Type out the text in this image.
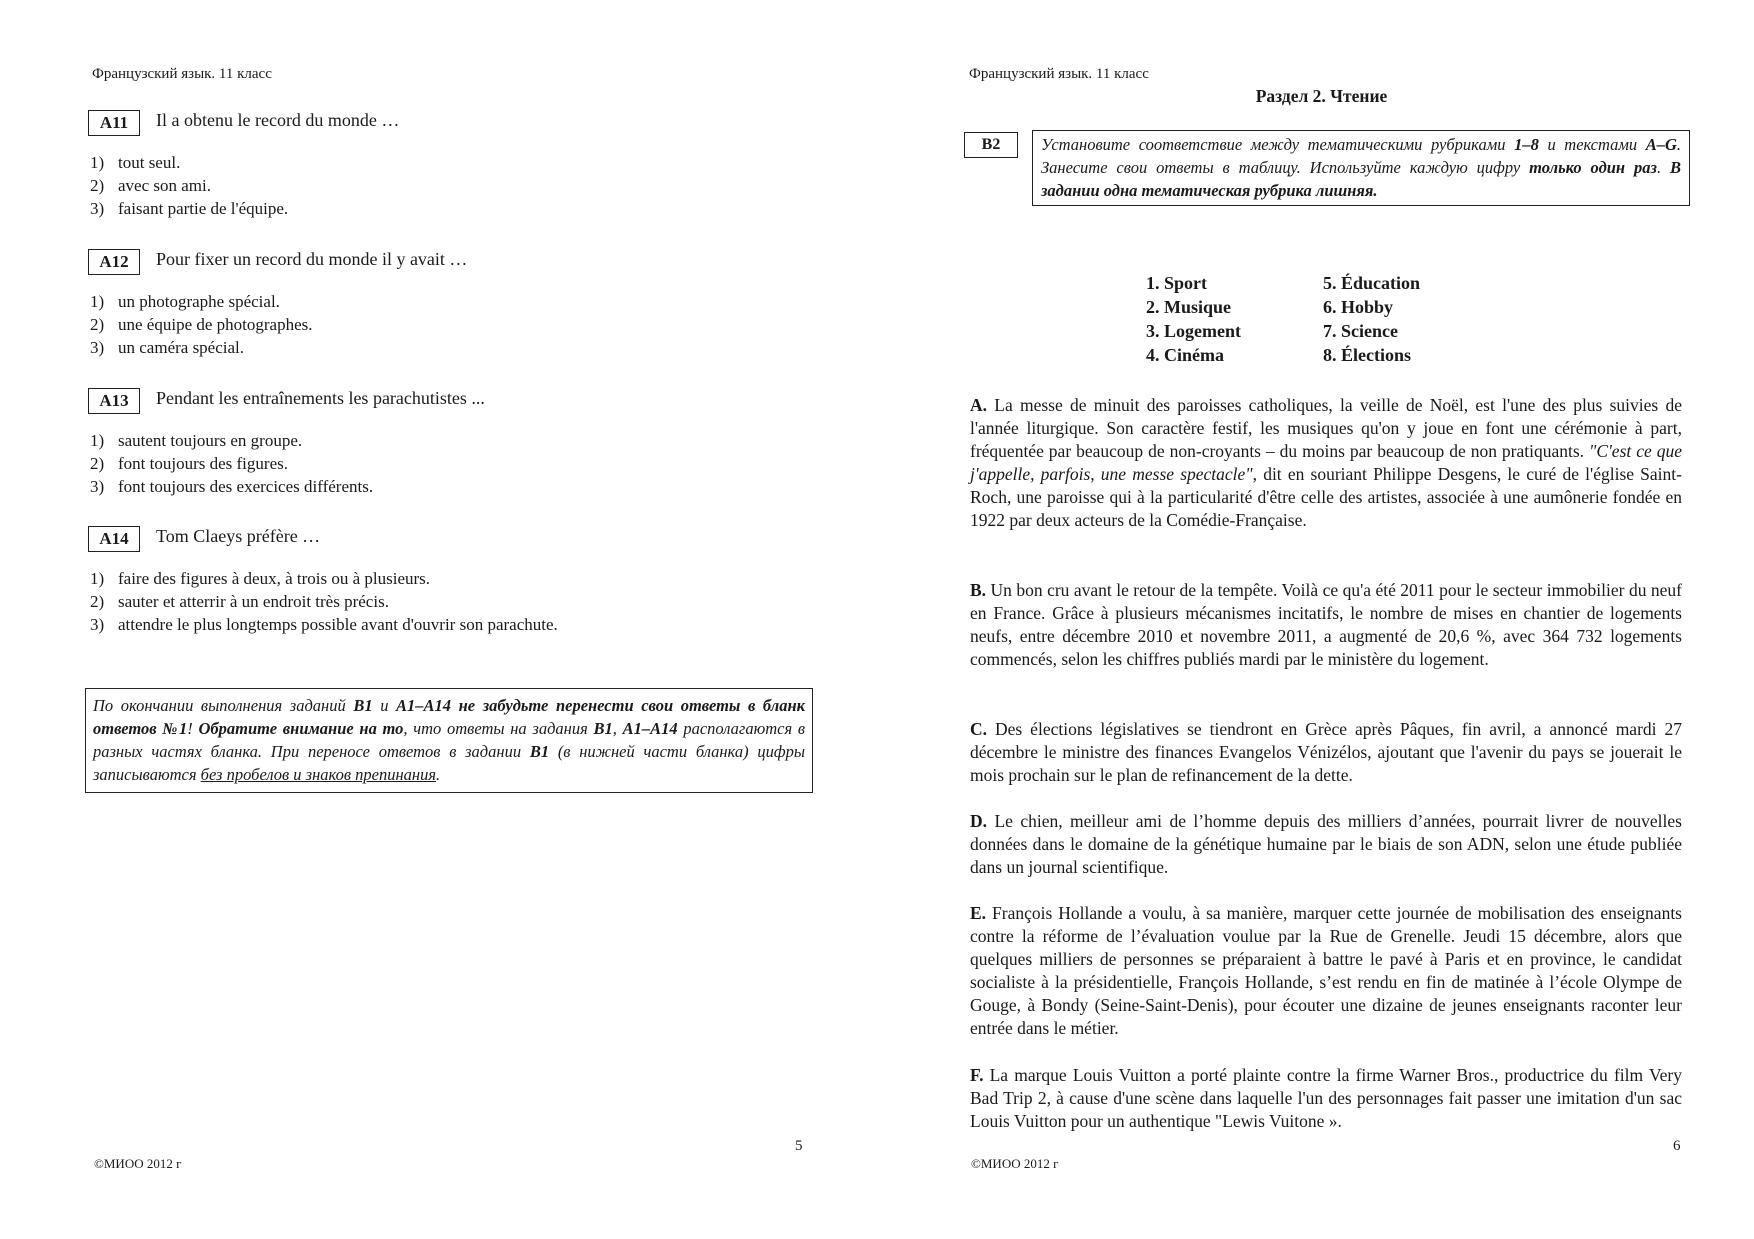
Французский язык. 11 класс
A11	Il a obtenu le record du monde …
1) tout seul.
2) avec son ami.
3) faisant partie de l'équipe.
A12	Pour fixer un record du monde il y avait …
1) un photographe spécial.
2) une équipe de photographes.
3) un caméra spécial.
A13	Pendant les entraînements les parachutistes ...
1) sautent toujours en groupe.
2) font toujours des figures.
3) font toujours des exercices différents.
A14	Tom Claeys préfère …
1) faire des figures à deux, à trois ou à plusieurs.
2) sauter et atterrir à un endroit très précis.
3) attendre le plus longtemps possible avant d'ouvrir son parachute.
По окончании выполнения заданий B1 и A1–A14 не забудьте перенести свои ответы в бланк ответов №1! Обратите внимание на то, что ответы на задания B1, A1–A14 располагаются в разных частях бланка. При переносе ответов в задании B1 (в нижней части бланка) цифры записываются без пробелов и знаков препинания.
5
©МИОО 2012 г
Французский язык. 11 класс
Раздел 2. Чтение
B2	Установите соответствие между тематическими рубриками 1–8 и текстами A–G. Занесите свои ответы в таблицу. Используйте каждую цифру только один раз. В задании одна тематическая рубрика лишняя.
1. Sport
2. Musique
3. Logement
4. Cinéma
5. Éducation
6. Hobby
7. Science
8. Élections
A. La messe de minuit des paroisses catholiques, la veille de Noël, est l'une des plus suivies de l'année liturgique. Son caractère festif, les musiques qu'on y joue en font une cérémonie à part, fréquentée par beaucoup de non-croyants – du moins par beaucoup de non pratiquants. "C'est ce que j'appelle, parfois, une messe spectacle", dit en souriant Philippe Desgens, le curé de l'église Saint-Roch, une paroisse qui à la particularité d'être celle des artistes, associée à une aumônerie fondée en 1922 par deux acteurs de la Comédie-Française.
B. Un bon cru avant le retour de la tempête. Voilà ce qu'a été 2011 pour le secteur immobilier du neuf en France. Grâce à plusieurs mécanismes incitatifs, le nombre de mises en chantier de logements neufs, entre décembre 2010 et novembre 2011, a augmenté de 20,6 %, avec 364 732 logements commencés, selon les chiffres publiés mardi par le ministère du logement.
C. Des élections législatives se tiendront en Grèce après Pâques, fin avril, a annoncé mardi 27 décembre le ministre des finances Evangelos Vénizélos, ajoutant que l'avenir du pays se jouerait le mois prochain sur le plan de refinancement de la dette.
D. Le chien, meilleur ami de l’homme depuis des milliers d’années, pourrait livrer de nouvelles données dans le domaine de la génétique humaine par le biais de son ADN, selon une étude publiée dans un journal scientifique.
E. François Hollande a voulu, à sa manière, marquer cette journée de mobilisation des enseignants contre la réforme de l’évaluation voulue par la Rue de Grenelle. Jeudi 15 décembre, alors que quelques milliers de personnes se préparaient à battre le pavé à Paris et en province, le candidat socialiste à la présidentielle, François Hollande, s’est rendu en fin de matinée à l’école Olympe de Gouge, à Bondy (Seine-Saint-Denis), pour écouter une dizaine de jeunes enseignants raconter leur entrée dans le métier.
F. La marque Louis Vuitton a porté plainte contre la firme Warner Bros., productrice du film Very Bad Trip 2, à cause d'une scène dans laquelle l'un des personnages fait passer une imitation d'un sac Louis Vuitton pour un authentique "Lewis Vuitone ».
6
©МИОО 2012 г
